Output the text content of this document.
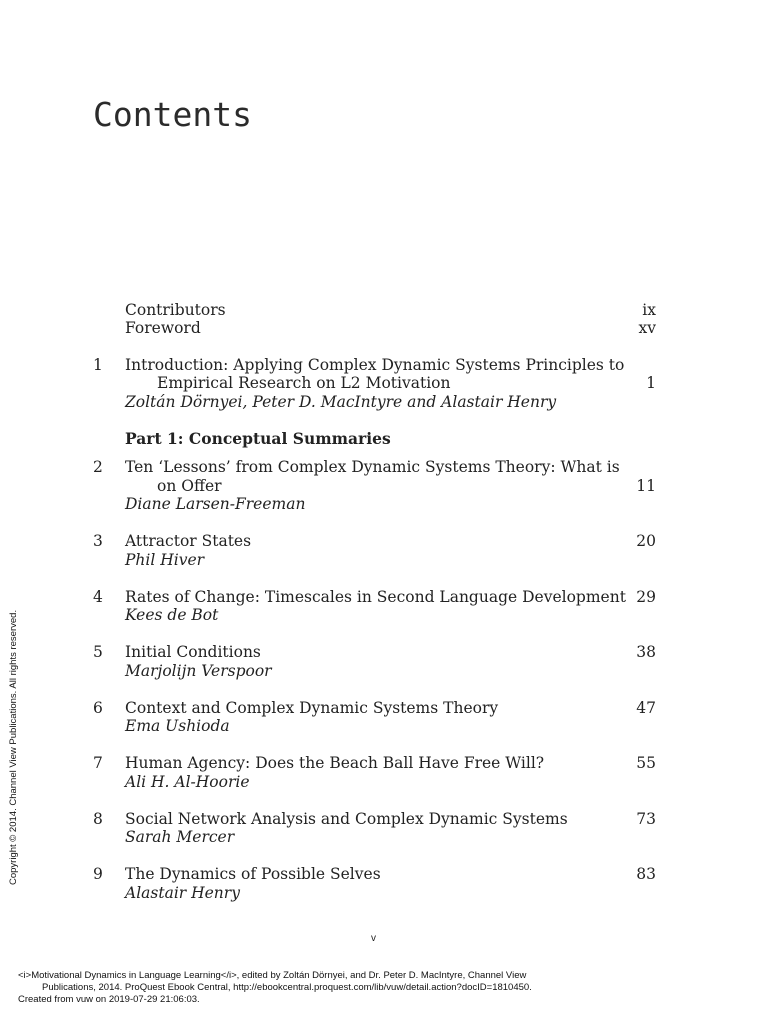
Contents
Contributors	ix
Foreword	xv
1 Introduction: Applying Complex Dynamic Systems Principles to
Empirical Research on L2 Motivation	1
Zoltán Dörnyei, Peter D. MacIntyre and Alastair Henry
Part 1: Conceptual Summaries
2 Ten ‘Lessons’ from Complex Dynamic Systems Theory: What is
on Offer	11
Diane Larsen-Freeman
3 Attractor States	20
Phil Hiver
4 Rates of Change: Timescales in Second Language Development 29
Kees de Bot
5 Initial Conditions	38
Marjolijn Verspoor
6 Context and Complex Dynamic Systems Theory	47
Ema Ushioda
7 Human Agency: Does the Beach Ball Have Free Will?	55
Ali H. Al-Hoorie
8 Social Network Analysis and Complex Dynamic Systems	73
Sarah Mercer
9 The Dynamics of Possible Selves	83
Alastair Henry
Copyright © 2014. Channel View Publications. All rights reserved.
v
<i>Motivational Dynamics in Language Learning</i>, edited by Zoltán Dörnyei, and Dr. Peter D. MacIntyre, Channel View
Publications, 2014. ProQuest Ebook Central, http://ebookcentral.proquest.com/lib/vuw/detail.action?docID=1810450.
Created from vuw on 2019-07-29 21:06:03.
